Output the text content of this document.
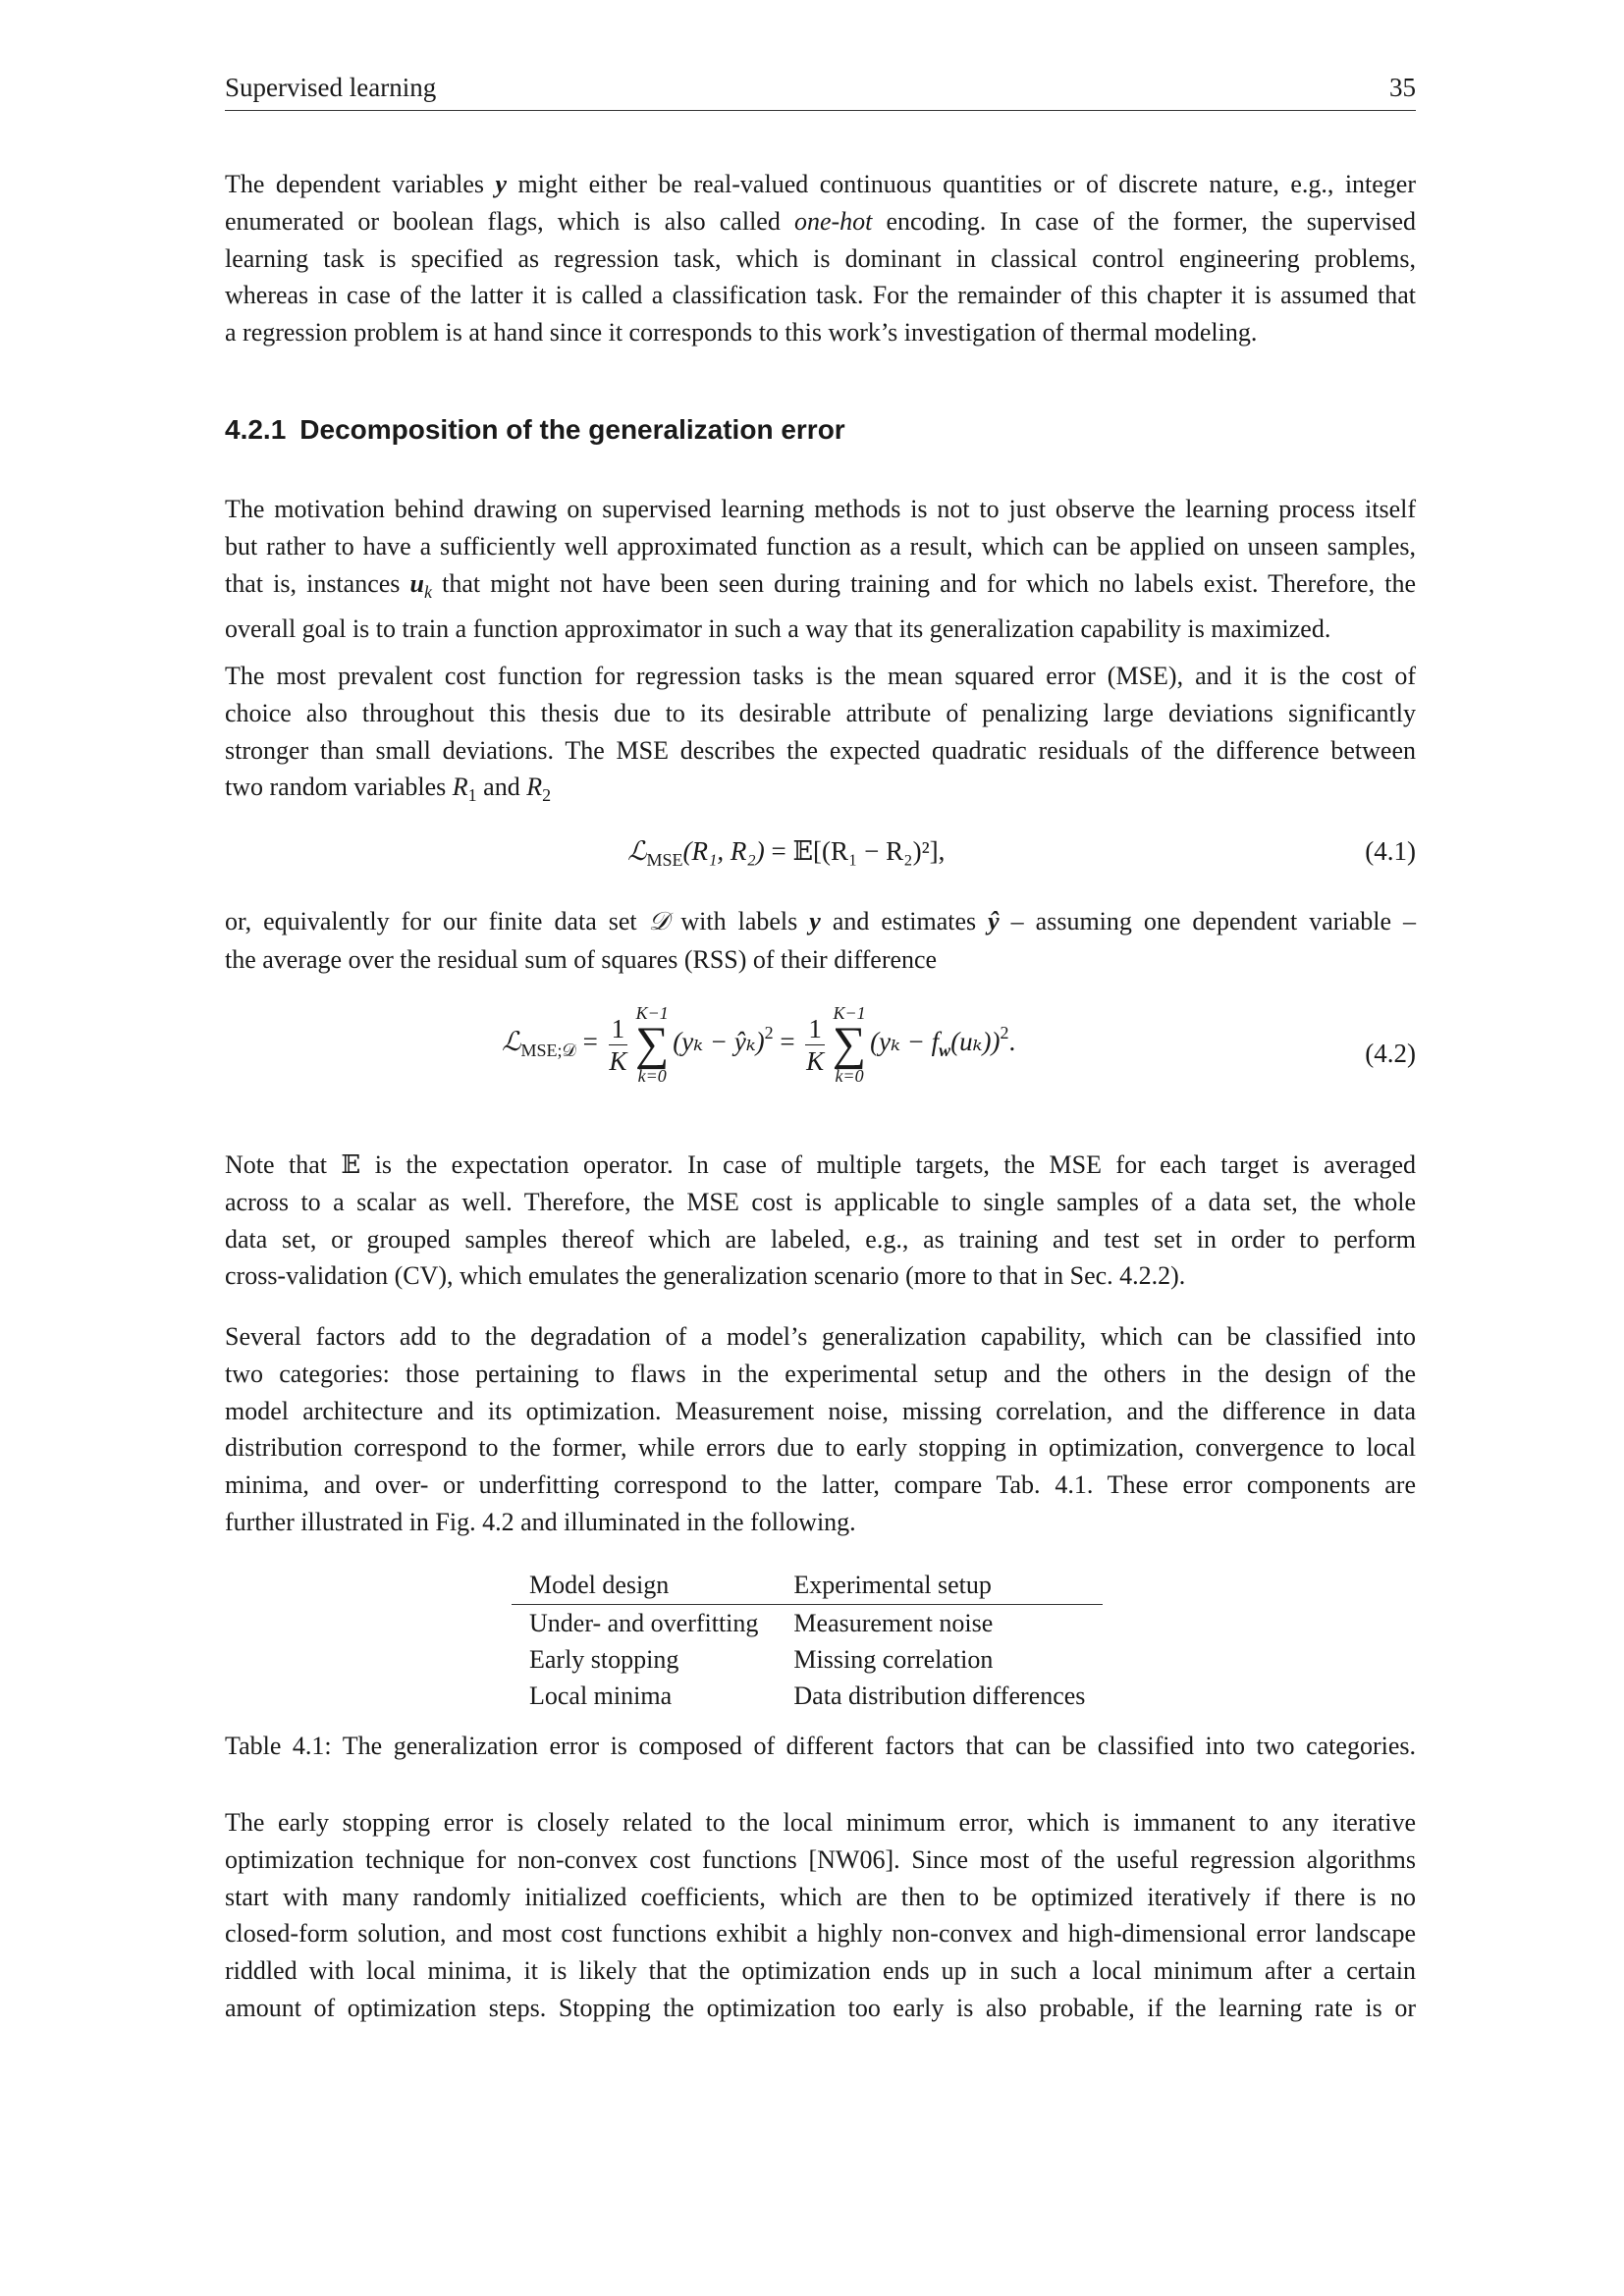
Supervised learning	35

The dependent variables y might either be real-valued continuous quantities or of discrete nature, e.g., integer
enumerated or boolean flags, which is also called one-hot encoding. In case of the former, the supervised
learning task is specified as regression task, which is dominant in classical control engineering problems,
whereas in case of the latter it is called a classification task. For the remainder of this chapter it is assumed that
a regression problem is at hand since it corresponds to this work’s investigation of thermal modeling.

4.2.1 Decomposition of the generalization error

The motivation behind drawing on supervised learning methods is not to just observe the learning process itself
but rather to have a sufficiently well approximated function as a result, which can be applied on unseen samples,
that is, instances $u_k$ that might not have been seen during training and for which no labels exist. Therefore, the
overall goal is to train a function approximator in such a way that its generalization capability is maximized.

The most prevalent cost function for regression tasks is the mean squared error (MSE), and it is the cost of
choice also throughout this thesis due to its desirable attribute of penalizing large deviations significantly
stronger than small deviations. The MSE describes the expected quadratic residuals of the difference between
two random variables $R_1$ and $R_2$

ℒ$_{MSE}$(R₁, R₂) = 𝔼[(R₁ − R₂)²],	(4.1)

or, equivalently for our finite data set 𝒟 with labels y and estimates ŷ – assuming one dependent variable –
the average over the residual sum of squares (RSS) of their difference

ℒ$_{MSE;𝒟}$ = $\frac{1}{K} K-1$
∑
k=0
(yₖ − ŷₖ)$^2$ = $\frac{1}{K} K-1$
∑
k=0
$(y_k - f_w(u_k))^2$.	(4.2)

Note that 𝔼 is the expectation operator. In case of multiple targets, the MSE for each target is averaged
across to a scalar as well. Therefore, the MSE cost is applicable to single samples of a data set, the whole
data set, or grouped samples thereof which are labeled, e.g., as training and test set in order to perform
cross-validation (CV), which emulates the generalization scenario (more to that in Sec. 4.2.2).

Several factors add to the degradation of a model’s generalization capability, which can be classified into
two categories: those pertaining to flaws in the experimental setup and the others in the design of the
model architecture and its optimization. Measurement noise, missing correlation, and the difference in data
distribution correspond to the former, while errors due to early stopping in optimization, convergence to local
minima, and over- or underfitting correspond to the latter, compare Tab. 4.1. These error components are
further illustrated in Fig. 4.2 and illuminated in the following.

Model design	Experimental setup
Under- and overfitting	Measurement noise
Early stopping	Missing correlation
Local minima	Data distribution differences

Table 4.1: The generalization error is composed of different factors that can be classified into two categories.

The early stopping error is closely related to the local minimum error, which is immanent to any iterative
optimization technique for non-convex cost functions [NW06]. Since most of the useful regression algorithms
start with many randomly initialized coefficients, which are then to be optimized iteratively if there is no
closed-form solution, and most cost functions exhibit a highly non-convex and high-dimensional error landscape
riddled with local minima, it is likely that the optimization ends up in such a local minimum after a certain
amount of optimization steps. Stopping the optimization too early is also probable, if the learning rate is or
